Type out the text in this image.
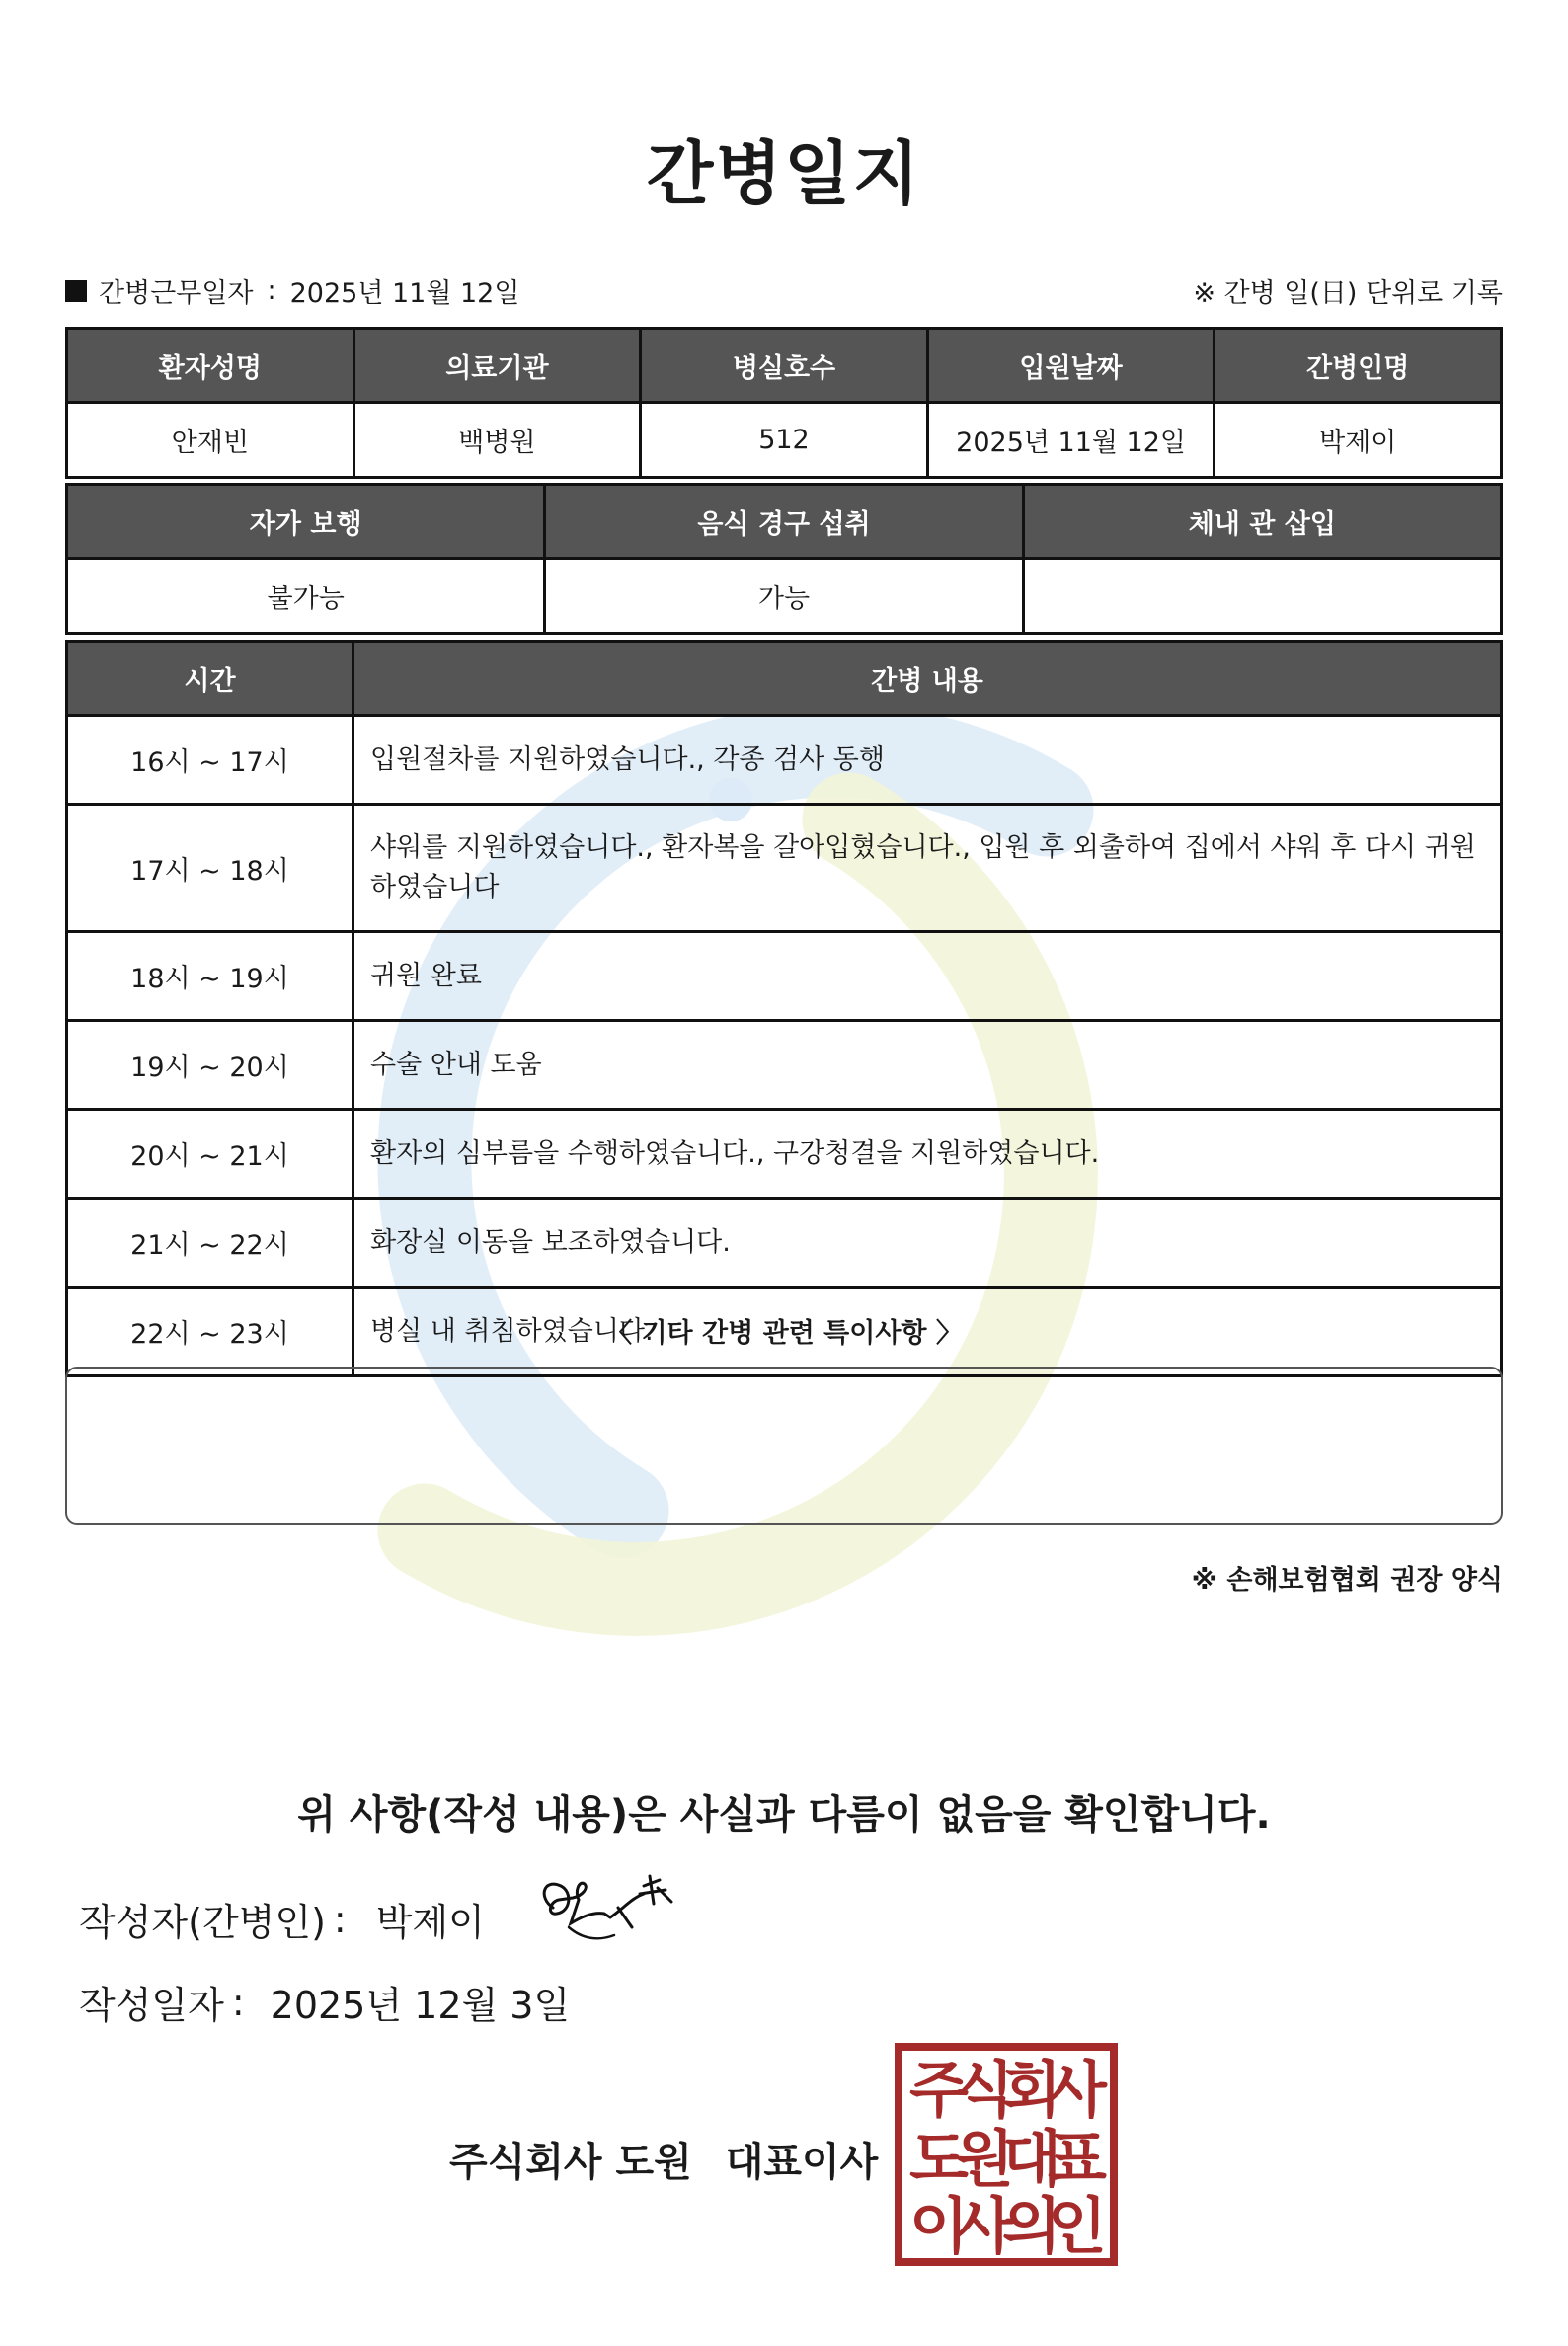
간병일지
간병근무일자 : 2025년 11월 12일	※ 간병 일(日) 단위로 기록
환자성명	의료기관	병실호수	입원날짜	간병인명
안재빈	백병원	512	2025년 11월 12일	박제이
자가 보행	음식 경구 섭취	체내 관 삽입
불가능	가능	
시간	간병 내용
16시 ~ 17시	입원절차를 지원하였습니다., 각종 검사 동행
17시 ~ 18시	샤워를 지원하였습니다., 환자복을 갈아입혔습니다., 입원 후 외출하여 집에서 샤워 후 다시 귀원하였습니다
18시 ~ 19시	귀원 완료
19시 ~ 20시	수술 안내 도움
20시 ~ 21시	환자의 심부름을 수행하였습니다., 구강청결을 지원하였습니다.
21시 ~ 22시	화장실 이동을 보조하였습니다.
22시 ~ 23시	병실 내 취침하였습니다.
〈 기타 간병 관련 특이사항 〉
※ 손해보험협회 권장 양식
위 사항(작성 내용)은 사실과 다름이 없음을 확인합니다.
작성자(간병인) : 박제이
작성일자 : 2025년 12월 3일
주식회사 도원 대표이사
주
식
회
사
도
원
대
표
이
사
의
인
